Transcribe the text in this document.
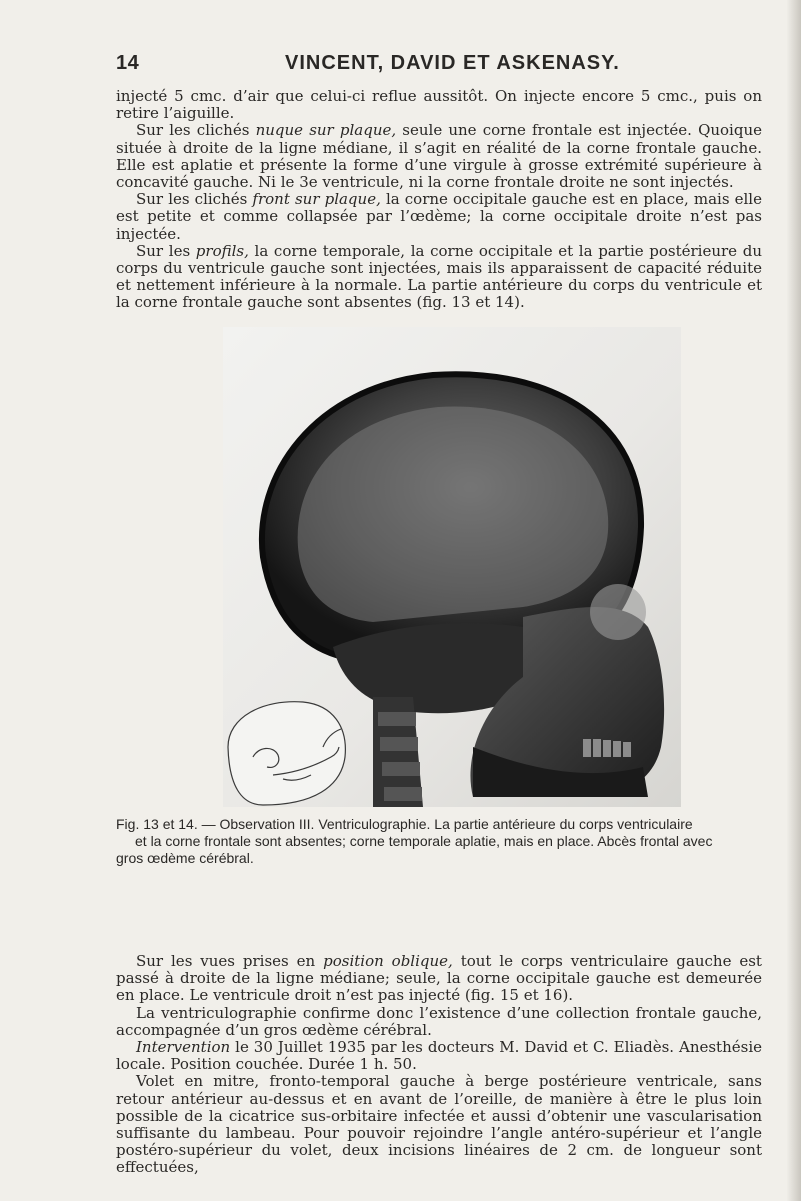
14	VINCENT, DAVID ET ASKENASY.

injecté 5 cmc. d’air que celui-ci reflue aussitôt. On injecte encore 5 cmc., puis on retire l’aiguille.

Sur les clichés nuque sur plaque, seule une corne frontale est injectée. Quoique située à droite de la ligne médiane, il s’agit en réalité de la corne frontale gauche. Elle est aplatie et présente la forme d’une virgule à grosse extrémité supérieure à concavité gauche. Ni le 3e ventricule, ni la corne frontale droite ne sont injectés.

Sur les clichés front sur plaque, la corne occipitale gauche est en place, mais elle est petite et comme collapsée par l’œdème; la corne occipitale droite n’est pas injectée.

Sur les profils, la corne temporale, la corne occipitale et la partie postérieure du corps du ventricule gauche sont injectées, mais ils apparaissent de capacité réduite et nettement inférieure à la normale. La partie antérieure du corps du ventricule et la corne frontale gauche sont absentes (fig. 13 et 14).

Fig. 13 et 14. — Observation III. Ventriculographie. La partie antérieure du corps ventriculaire
et la corne frontale sont absentes; corne temporale aplatie, mais en place. Abcès frontal avec
gros œdème cérébral.

Sur les vues prises en position oblique, tout le corps ventriculaire gauche est passé à droite de la ligne médiane; seule, la corne occipitale gauche est demeurée en place. Le ventricule droit n’est pas injecté (fig. 15 et 16).

La ventriculographie confirme donc l’existence d’une collection frontale gauche, accompagnée d’un gros œdème cérébral.

Intervention le 30 Juillet 1935 par les docteurs M. David et C. Eliadès. Anesthésie locale. Position couchée. Durée 1 h. 50.

Volet en mitre, fronto-temporal gauche à berge postérieure ventricale, sans retour antérieur au-dessus et en avant de l’oreille, de manière à être le plus loin possible de la cicatrice sus-orbitaire infectée et aussi d’obtenir une vascularisation suffisante du lambeau. Pour pouvoir rejoindre l’angle antéro-supérieur et l’angle postéro-supérieur du volet, deux incisions linéaires de 2 cm. de longueur sont effectuées,
